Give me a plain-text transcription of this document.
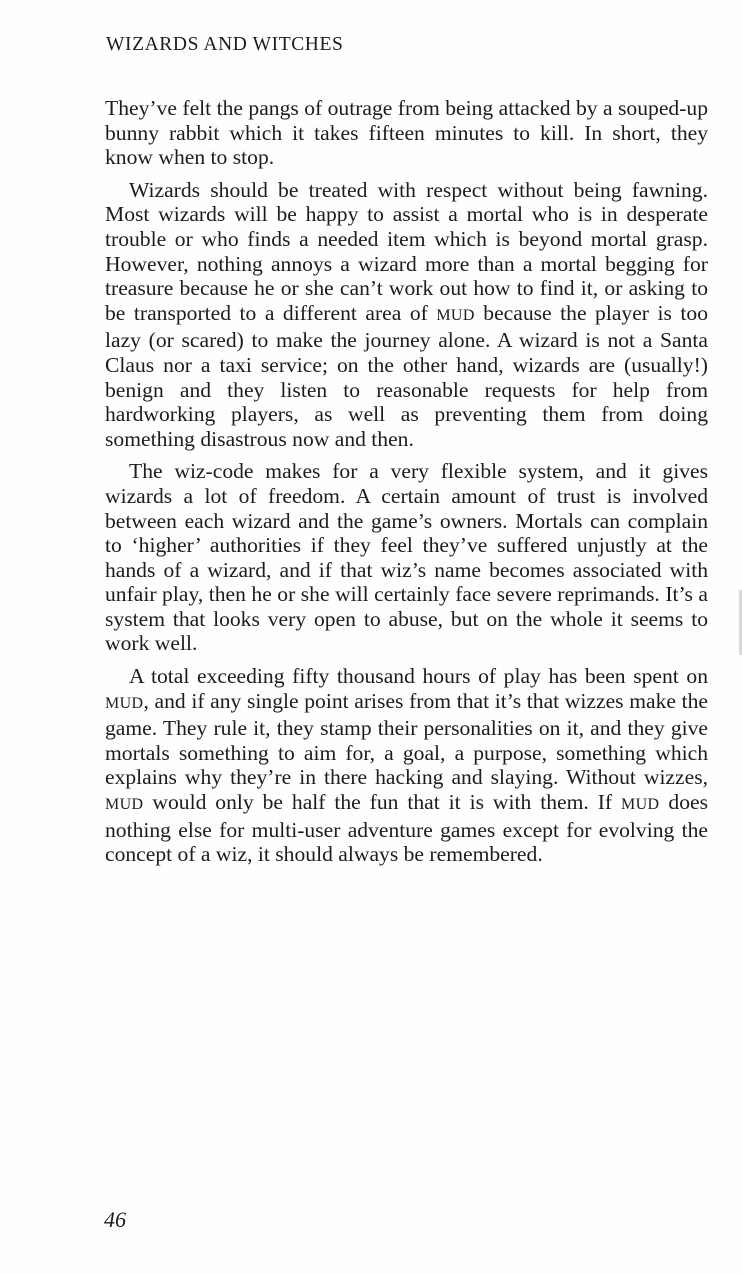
WIZARDS AND WITCHES

They’ve felt the pangs of outrage from being attacked by a souped-up bunny rabbit which it takes fifteen minutes to kill. In short, they know when to stop.

Wizards should be treated with respect without being fawning. Most wizards will be happy to assist a mortal who is in desperate trouble or who finds a needed item which is beyond mortal grasp. However, nothing annoys a wizard more than a mortal begging for treasure because he or she can’t work out how to find it, or asking to be transported to a different area of MUD because the player is too lazy (or scared) to make the journey alone. A wizard is not a Santa Claus nor a taxi service; on the other hand, wizards are (usually!) benign and they listen to reasonable requests for help from hardworking players, as well as preventing them from doing something disastrous now and then.

The wiz-code makes for a very flexible system, and it gives wizards a lot of freedom. A certain amount of trust is involved between each wizard and the game’s owners. Mortals can complain to ‘higher’ authorities if they feel they’ve suffered unjustly at the hands of a wizard, and if that wiz’s name becomes associated with unfair play, then he or she will certainly face severe reprimands. It’s a system that looks very open to abuse, but on the whole it seems to work well.

A total exceeding fifty thousand hours of play has been spent on MUD, and if any single point arises from that it’s that wizzes make the game. They rule it, they stamp their personalities on it, and they give mortals something to aim for, a goal, a purpose, something which explains why they’re in there hacking and slaying. Without wizzes, MUD would only be half the fun that it is with them. If MUD does nothing else for multi-user adventure games except for evolving the concept of a wiz, it should always be remembered.

46
